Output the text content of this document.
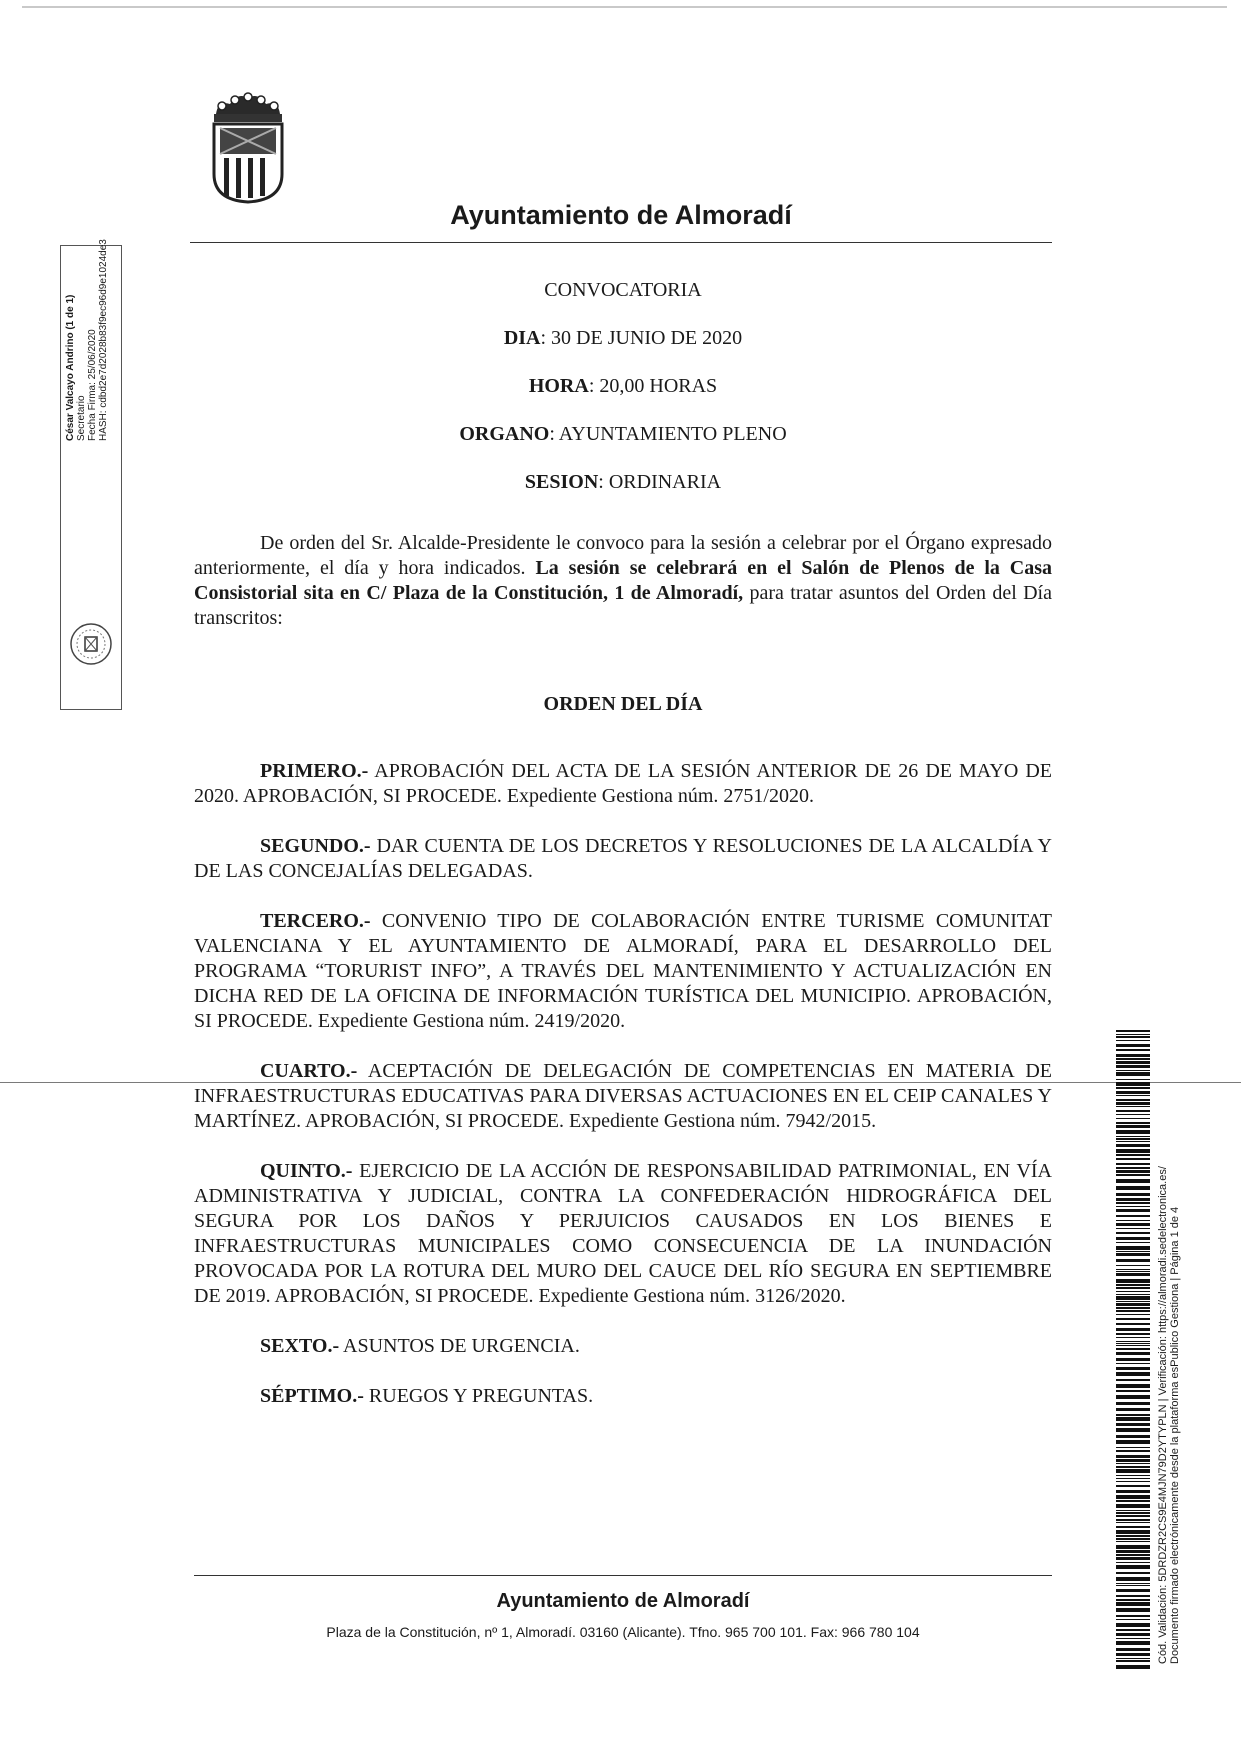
Ayuntamiento de Almoradí

CONVOCATORIA

DIA: 30 DE JUNIO DE 2020

HORA: 20,00 HORAS

ORGANO: AYUNTAMIENTO PLENO

SESION: ORDINARIA

De orden del Sr. Alcalde-Presidente le convoco para la sesión a celebrar por el Órgano expresado anteriormente, el día y hora indicados. La sesión se celebrará en el Salón de Plenos de la Casa Consistorial sita en C/ Plaza de la Constitución, 1 de Almoradí, para tratar asuntos del Orden del Día transcritos:

ORDEN DEL DÍA

PRIMERO.- APROBACIÓN DEL ACTA DE LA SESIÓN ANTERIOR DE 26 DE MAYO DE 2020. APROBACIÓN, SI PROCEDE. Expediente Gestiona núm. 2751/2020.

SEGUNDO.- DAR CUENTA DE LOS DECRETOS Y RESOLUCIONES DE LA ALCALDÍA Y DE LAS CONCEJALÍAS DELEGADAS.

TERCERO.- CONVENIO TIPO DE COLABORACIÓN ENTRE TURISME COMUNITAT VALENCIANA Y EL AYUNTAMIENTO DE ALMORADÍ, PARA EL DESARROLLO DEL PROGRAMA “TORURIST INFO”, A TRAVÉS DEL MANTENIMIENTO Y ACTUALIZACIÓN EN DICHA RED DE LA OFICINA DE INFORMACIÓN TURÍSTICA DEL MUNICIPIO. APROBACIÓN, SI PROCEDE. Expediente Gestiona núm. 2419/2020.

CUARTO.- ACEPTACIÓN DE DELEGACIÓN DE COMPETENCIAS EN MATERIA DE INFRAESTRUCTURAS EDUCATIVAS PARA DIVERSAS ACTUACIONES EN EL CEIP CANALES Y MARTÍNEZ. APROBACIÓN, SI PROCEDE. Expediente Gestiona núm. 7942/2015.

QUINTO.- EJERCICIO DE LA ACCIÓN DE RESPONSABILIDAD PATRIMONIAL, EN VÍA ADMINISTRATIVA Y JUDICIAL, CONTRA LA CONFEDERACIÓN HIDROGRÁFICA DEL SEGURA POR LOS DAÑOS Y PERJUICIOS CAUSADOS EN LOS BIENES E INFRAESTRUCTURAS MUNICIPALES COMO CONSECUENCIA DE LA INUNDACIÓN PROVOCADA POR LA ROTURA DEL MURO DEL CAUCE DEL RÍO SEGURA EN SEPTIEMBRE DE 2019. APROBACIÓN, SI PROCEDE. Expediente Gestiona núm. 3126/2020.

SEXTO.- ASUNTOS DE URGENCIA.

SÉPTIMO.- RUEGOS Y PREGUNTAS.

Ayuntamiento de Almoradí
Plaza de la Constitución, nº 1, Almoradí. 03160 (Alicante). Tfno. 965 700 101. Fax: 966 780 104
César Valcayo Andrino (1 de 1) Secretario Fecha Firma: 25/06/2020 HASH: cdbd2e7d2028b83f9ec96d9e1024de3
Cód. Validación: 5DRDZR2CS9E4MJN79D2YTYPLN | Verificación: https://almoradi.sedelectronica.es/ Documento firmado electrónicamente desde la plataforma esPublico Gestiona | Página 1 de 4
